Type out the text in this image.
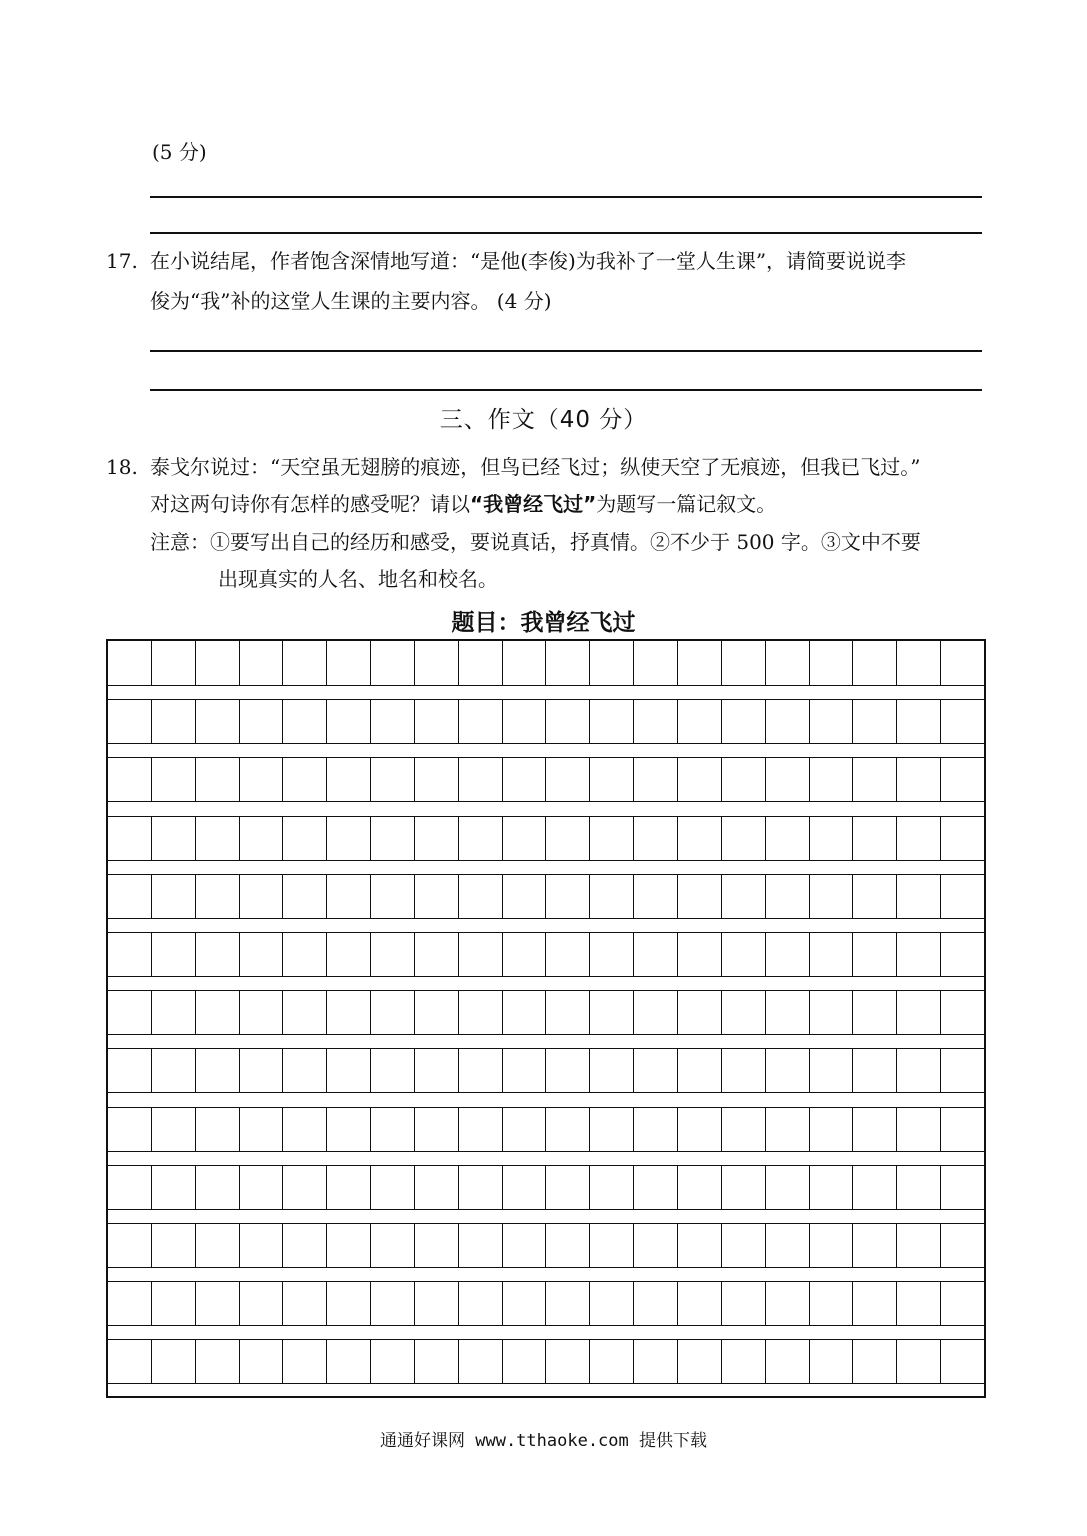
(5 分)
17. 在小说结尾，作者饱含深情地写道：“是他(李俊)为我补了一堂人生课”，请简要说说李
俊为“我”补的这堂人生课的主要内容。 (4 分)
三、作文（40 分）
18. 泰戈尔说过：“天空虽无翅膀的痕迹，但鸟已经飞过；纵使天空了无痕迹，但我已飞过。”
对这两句诗你有怎样的感受呢？请以“我曾经飞过”为题写一篇记叙文。
注意：①要写出自己的经历和感受，要说真话，抒真情。②不少于 500 字。③文中不要
出现真实的人名、地名和校名。
题目：我曾经飞过
通通好课网 www.tthaoke.com 提供下载
